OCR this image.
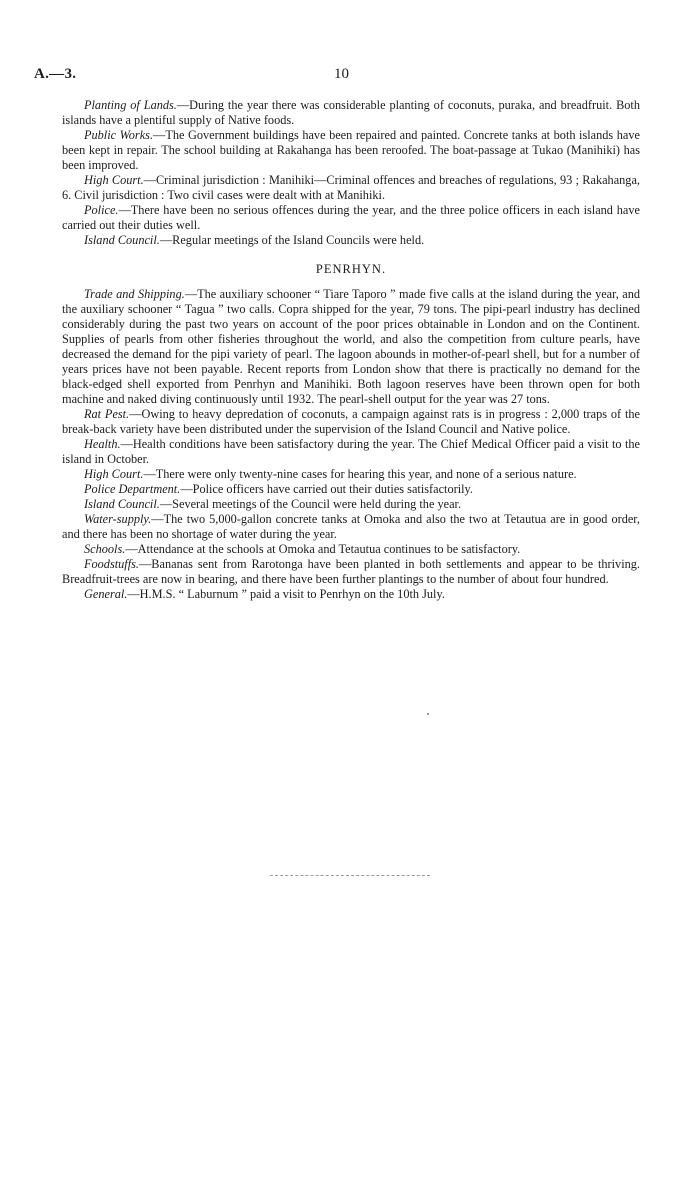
A.—3.	10

Planting of Lands.—During the year there was considerable planting of coconuts, puraka, and breadfruit. Both islands have a plentiful supply of Native foods.

Public Works.—The Government buildings have been repaired and painted. Concrete tanks at both islands have been kept in repair. The school building at Rakahanga has been reroofed. The boat-passage at Tukao (Manihiki) has been improved.

High Court.—Criminal jurisdiction : Manihiki—Criminal offences and breaches of regulations, 93 ; Rakahanga, 6. Civil jurisdiction : Two civil cases were dealt with at Manihiki.

Police.—There have been no serious offences during the year, and the three police officers in each island have carried out their duties well.

Island Council.—Regular meetings of the Island Councils were held.

PENRHYN.

Trade and Shipping.—The auxiliary schooner “ Tiare Taporo ” made five calls at the island during the year, and the auxiliary schooner “ Tagua ” two calls. Copra shipped for the year, 79 tons. The pipi-pearl industry has declined considerably during the past two years on account of the poor prices obtainable in London and on the Continent. Supplies of pearls from other fisheries throughout the world, and also the competition from culture pearls, have decreased the demand for the pipi variety of pearl. The lagoon abounds in mother-of-pearl shell, but for a number of years prices have not been payable. Recent reports from London show that there is practically no demand for the black-edged shell exported from Penrhyn and Manihiki. Both lagoon reserves have been thrown open for both machine and naked diving continuously until 1932. The pearl-shell output for the year was 27 tons.

Rat Pest.—Owing to heavy depredation of coconuts, a campaign against rats is in progress : 2,000 traps of the break-back variety have been distributed under the supervision of the Island Council and Native police.

Health.—Health conditions have been satisfactory during the year. The Chief Medical Officer paid a visit to the island in October.

High Court.—There were only twenty-nine cases for hearing this year, and none of a serious nature.

Police Department.—Police officers have carried out their duties satisfactorily.

Island Council.—Several meetings of the Council were held during the year.

Water-supply.—The two 5,000-gallon concrete tanks at Omoka and also the two at Tetautua are in good order, and there has been no shortage of water during the year.

Schools.—Attendance at the schools at Omoka and Tetautua continues to be satisfactory.

Foodstuffs.—Bananas sent from Rarotonga have been planted in both settlements and appear to be thriving. Breadfruit-trees are now in bearing, and there have been further plantings to the number of about four hundred.

General.—H.M.S. “ Laburnum ” paid a visit to Penrhyn on the 10th July.
